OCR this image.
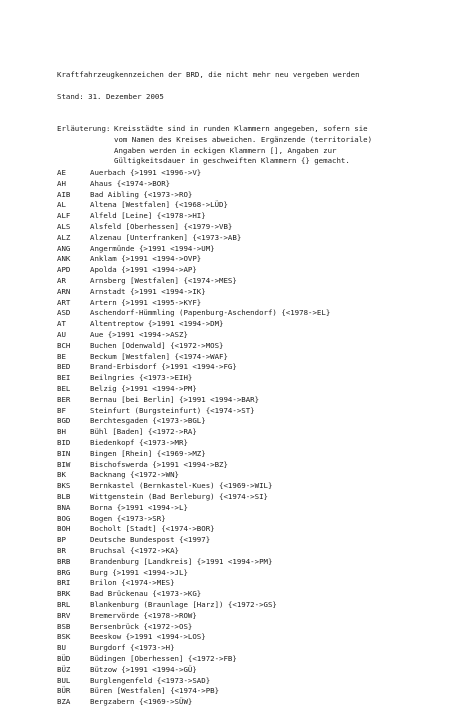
Kraftfahrzeugkennzeichen der BRD, die nicht mehr neu vergeben werden
Stand: 31. Dezember 2005
Erläuterung: Kreisstädte sind in runden Klammern angegeben, sofern sie
vom Namen des Kreises abweichen. Ergänzende (territoriale)
Angaben werden in eckigen Klammern [], Angaben zur
Gültigkeitsdauer in geschweiften Klammern {} gemacht.
AE	Auerbach {>1991 <1996->V}
AH	Ahaus {<1974->BOR}
AIB	Bad Aibling {<1973->RO}
AL	Altena [Westfalen] {<1968->LÜD}
ALF	Alfeld [Leine] {<1978->HI}
ALS	Alsfeld [Oberhessen] {<1979->VB}
ALZ	Alzenau [Unterfranken] {<1973->AB}
ANG	Angermünde {>1991 <1994->UM}
ANK	Anklam {>1991 <1994->OVP}
APD	Apolda {>1991 <1994->AP}
AR	Arnsberg [Westfalen] {<1974->MES}
ARN	Arnstadt {>1991 <1994->IK}
ART	Artern {>1991 <1995->KYF}
ASD	Aschendorf-Hümmling (Papenburg-Aschendorf) {<1978->EL}
AT	Altentreptow {>1991 <1994->DM}
AU	Aue {>1991 <1994->ASZ}
BCH	Buchen [Odenwald] {<1972->MOS}
BE	Beckum [Westfalen] {<1974->WAF}
BED	Brand-Erbisdorf {>1991 <1994->FG}
BEI	Beilngries {<1973->EIH}
BEL	Belzig {>1991 <1994->PM}
BER	Bernau [bei Berlin] {>1991 <1994->BAR}
BF	Steinfurt (Burgsteinfurt) {<1974->ST}
BGD	Berchtesgaden {<1973->BGL}
BH	Bühl [Baden] {<1972->RA}
BID	Biedenkopf {<1973->MR}
BIN	Bingen [Rhein] {<1969->MZ}
BIW	Bischofswerda {>1991 <1994->BZ}
BK	Backnang {<1972->WN}
BKS	Bernkastel (Bernkastel-Kues) {<1969->WIL}
BLB	Wittgenstein (Bad Berleburg) {<1974->SI}
BNA	Borna {>1991 <1994->L}
BOG	Bogen {<1973->SR}
BOH	Bocholt [Stadt] {<1974->BOR}
BP	Deutsche Bundespost {<1997}
BR	Bruchsal {<1972->KA}
BRB	Brandenburg [Landkreis] {>1991 <1994->PM}
BRG	Burg {>1991 <1994->JL}
BRI	Brilon {<1974->MES}
BRK	Bad Brückenau {<1973->KG}
BRL	Blankenburg (Braunlage [Harz]) {<1972->GS}
BRV	Bremervörde {<1978->ROW}
BSB	Bersenbrück {<1972->OS}
BSK	Beeskow {>1991 <1994->LOS}
BU	Burgdorf {<1973->H}
BÜD	Büdingen [Oberhessen] {<1972->FB}
BÜZ	Bützow {>1991 <1994->GÜ}
BUL	Burglengenfeld {<1973->SAD}
BÜR	Büren [Westfalen] {<1974->PB}
BZA	Bergzabern {<1969->SÜW}
